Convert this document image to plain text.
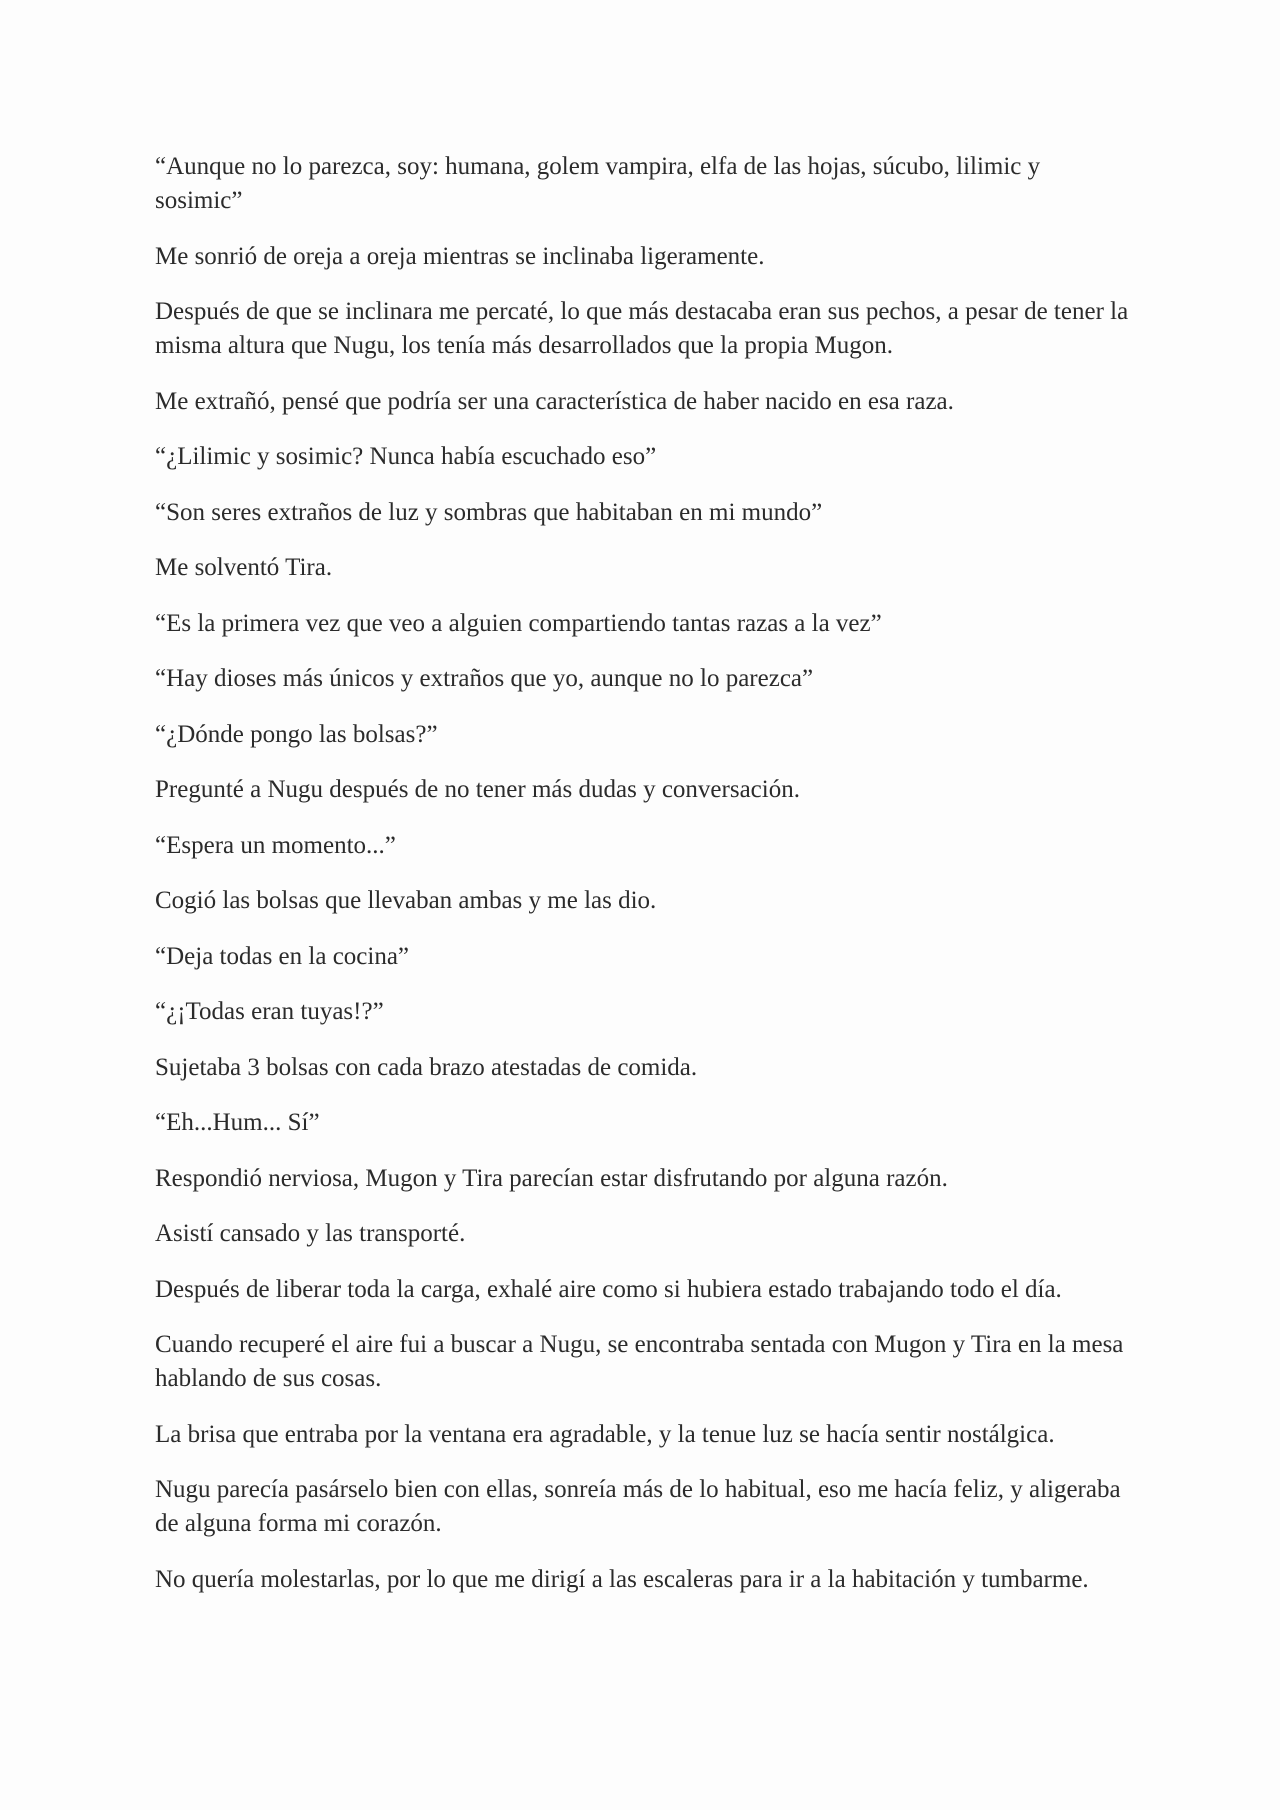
“Aunque no lo parezca, soy: humana, golem vampira, elfa de las hojas, súcubo, lilimic y sosimic”

Me sonrió de oreja a oreja mientras se inclinaba ligeramente.

Después de que se inclinara me percaté, lo que más destacaba eran sus pechos, a pesar de tener la misma altura que Nugu, los tenía más desarrollados que la propia Mugon.

Me extrañó, pensé que podría ser una característica de haber nacido en esa raza.

“¿Lilimic y sosimic? Nunca había escuchado eso”

“Son seres extraños de luz y sombras que habitaban en mi mundo”

Me solventó Tira.

“Es la primera vez que veo a alguien compartiendo tantas razas a la vez”

“Hay dioses más únicos y extraños que yo, aunque no lo parezca”

“¿Dónde pongo las bolsas?”

Pregunté a Nugu después de no tener más dudas y conversación.

“Espera un momento...”

Cogió las bolsas que llevaban ambas y me las dio.

“Deja todas en la cocina”

“¿¡Todas eran tuyas!?”

Sujetaba 3 bolsas con cada brazo atestadas de comida.

“Eh...Hum... Sí”

Respondió nerviosa, Mugon y Tira parecían estar disfrutando por alguna razón.

Asistí cansado y las transporté.

Después de liberar toda la carga, exhalé aire como si hubiera estado trabajando todo el día.

Cuando recuperé el aire fui a buscar a Nugu, se encontraba sentada con Mugon y Tira en la mesa hablando de sus cosas.

La brisa que entraba por la ventana era agradable, y la tenue luz se hacía sentir nostálgica.

Nugu parecía pasárselo bien con ellas, sonreía más de lo habitual, eso me hacía feliz, y aligeraba de alguna forma mi corazón.

No quería molestarlas, por lo que me dirigí a las escaleras para ir a la habitación y tumbarme.
